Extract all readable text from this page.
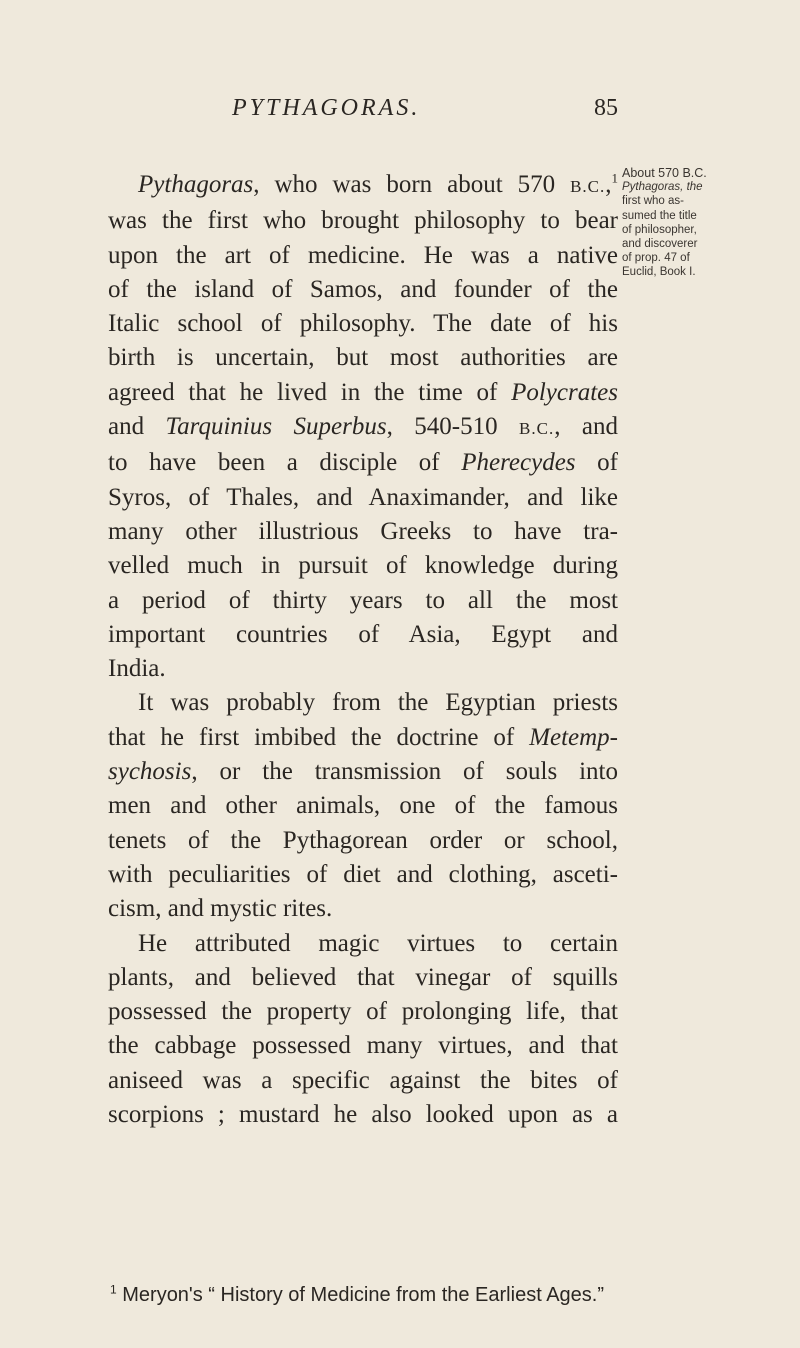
PYTHAGORAS.	85
Pythagoras, who was born about 570 B.C.,$^1$
was the first who brought philosophy to bear
upon the art of medicine. He was a native
of the island of Samos, and founder of the
Italic school of philosophy. The date of his
birth is uncertain, but most authorities are
agreed that he lived in the time of Polycrates
and Tarquinius Superbus, 540-510 B.C., and
to have been a disciple of Pherecydes of
Syros, of Thales, and Anaximander, and like
many other illustrious Greeks to have tra-
velled much in pursuit of knowledge during
a period of thirty years to all the most
important countries of Asia, Egypt and
India.
It was probably from the Egyptian priests
that he first imbibed the doctrine of Metemp-
sychosis, or the transmission of souls into
men and other animals, one of the famous
tenets of the Pythagorean order or school,
with peculiarities of diet and clothing, asceti-
cism, and mystic rites.
He attributed magic virtues to certain
plants, and believed that vinegar of squills
possessed the property of prolonging life, that
the cabbage possessed many virtues, and that
aniseed was a specific against the bites of
scorpions ; mustard he also looked upon as a
About 570 B.C.
Pythagoras, the
first who as-
sumed the title
of philosopher,
and discoverer
of prop. 47 of
Euclid, Book I.
$^1$ Meryon's “ History of Medicine from the Earliest Ages.”
